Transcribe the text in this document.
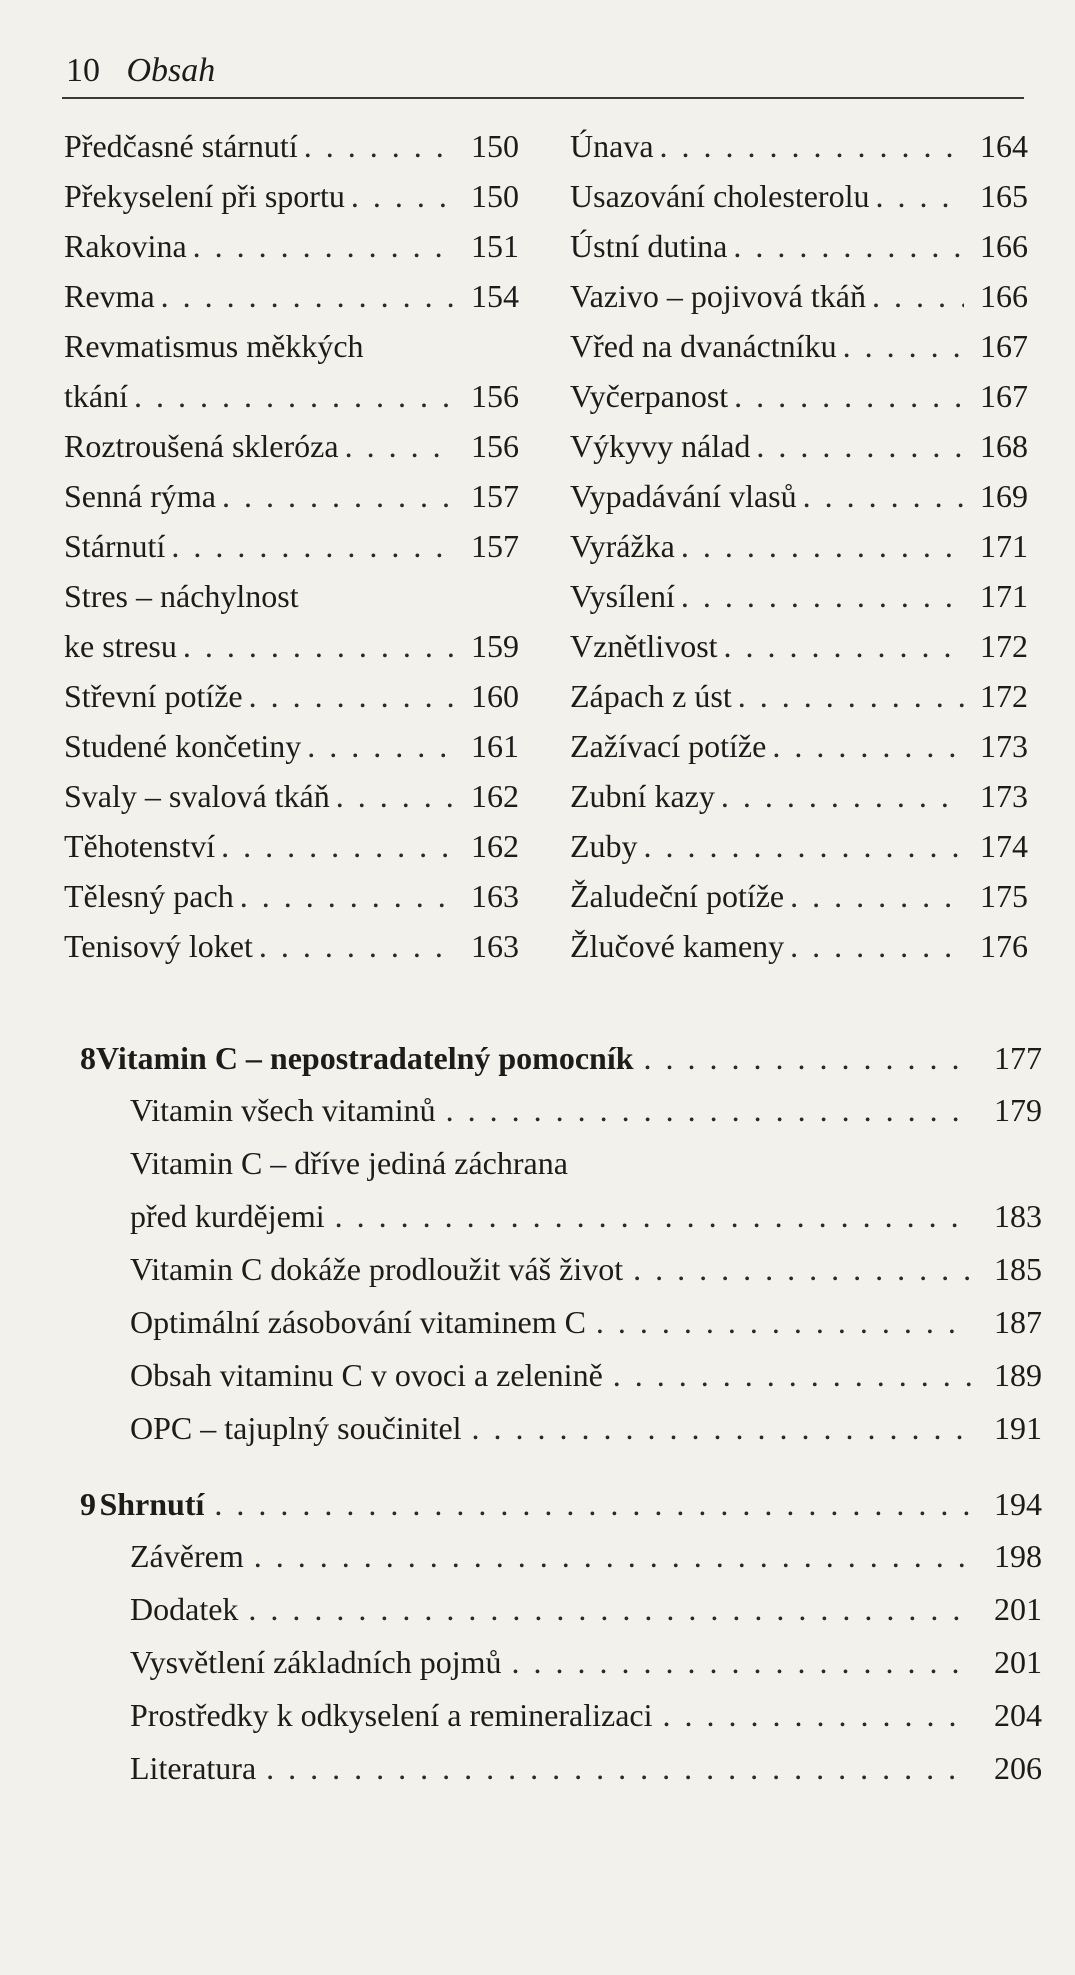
10 Obsah
Předčasné stárnutí . . .	150
Překyselení při sportu . . .	150
Rakovina . . .	151
Revma . . .	154
Revmatismus měkkých
tkání . . .	156
Roztroušená skleróza . . .	156
Senná rýma . . .	157
Stárnutí . . .	157
Stres – náchylnost
ke stresu . . .	159
Střevní potíže . . .	160
Studené končetiny . . .	161
Svaly – svalová tkáň . . .	162
Těhotenství . . .	162
Tělesný pach . . .	163
Tenisový loket . . .	163
Únava . . .	164
Usazování cholesterolu . . .	165
Ústní dutina . . .	166
Vazivo – pojivová tkáň . . .	166
Vřed na dvanáctníku . . .	167
Vyčerpanost . . .	167
Výkyvy nálad . . .	168
Vypadávání vlasů . . .	169
Vyrážka . . .	171
Vysílení . . .	171
Vznětlivost . . .	172
Zápach z úst . . .	172
Zažívací potíže . . .	173
Zubní kazy . . .	173
Zuby . . .	174
Žaludeční potíže . . .	175
Žlučové kameny . . .	176
8 Vitamin C – nepostradatelný pomocník . . .	177
Vitamin všech vitaminů . . .	179
Vitamin C – dříve jediná záchrana
před kurdějemi . . .	183
Vitamin C dokáže prodloužit váš život . . .	185
Optimální zásobování vitaminem C . . .	187
Obsah vitaminu C v ovoci a zelenině . . .	189
OPC – tajuplný součinitel . . .	191
9 Shrnutí . . .	194
Závěrem . . .	198
Dodatek . . .	201
Vysvětlení základních pojmů . . .	201
Prostředky k odkyselení a remineralizaci . . .	204
Literatura . . .	206
